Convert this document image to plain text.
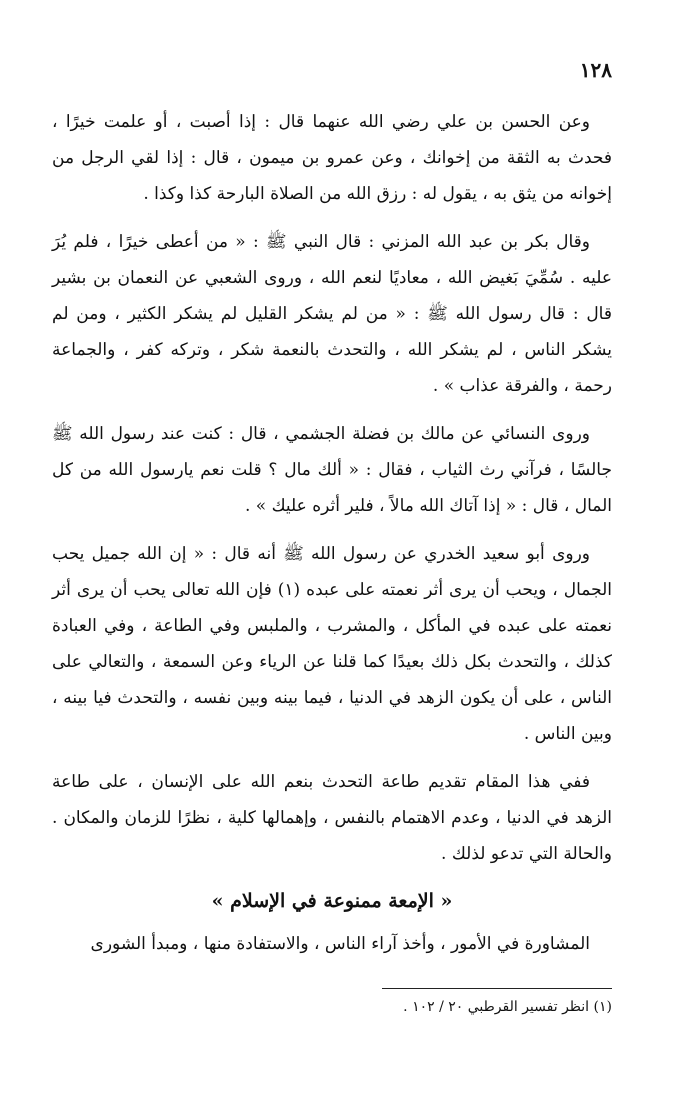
١٢٨

وعن الحسن بن علي رضي الله عنهما قال : إذا أصبت ، أو علمت خيرًا ، فحدث به الثقة من إخوانك ، وعن عمرو بن ميمون ، قال : إذا لقي الرجل من إخوانه من يثق به ، يقول له : رزق الله من الصلاة البارحة كذا وكذا .

وقال بكر بن عبد الله المزني : قال النبي ﷺ : « من أعطى خيرًا ، فلم يُرَ عليه . سُمِّيَ بَغيض الله ، معاديًا لنعم الله ، وروى الشعبي عن النعمان بن بشير قال : قال رسول الله ﷺ : « من لم يشكر القليل لم يشكر الكثير ، ومن لم يشكر الناس ، لم يشكر الله ، والتحدث بالنعمة شكر ، وتركه كفر ، والجماعة رحمة ، والفرقة عذاب » .

وروى النسائي عن مالك بن فضلة الجشمي ، قال : كنت عند رسول الله ﷺ جالسًا ، فرآني رث الثياب ، فقال : « ألك مال ؟ قلت نعم يارسول الله من كل المال ، قال : « إذا آتاك الله مالاً ، فلير أثره عليك » .

وروى أبو سعيد الخدري عن رسول الله ﷺ أنه قال : « إن الله جميل يحب الجمال ، ويحب أن يرى أثر نعمته على عبده (١) فإن الله تعالى يحب أن يرى أثر نعمته على عبده في المأكل ، والمشرب ، والملبس وفي الطاعة ، وفي العبادة كذلك ، والتحدث بكل ذلك بعيدًا كما قلنا عن الرياء وعن السمعة ، والتعالي على الناس ، على أن يكون الزهد في الدنيا ، فيما بينه وبين نفسه ، والتحدث فيا بينه ، وبين الناس .

ففي هذا المقام تقديم طاعة التحدث بنعم الله على الإنسان ، على طاعة الزهد في الدنيا ، وعدم الاهتمام بالنفس ، وإهمالها كلية ، نظرًا للزمان والمكان . والحالة التي تدعو لذلك .

« الإمعة ممنوعة في الإسلام »

المشاورة في الأمور ، وأخذ آراء الناس ، والاستفادة منها ، ومبدأ الشورى

(١) انظر تفسير القرطبي ٢٠ / ١٠٢ .
